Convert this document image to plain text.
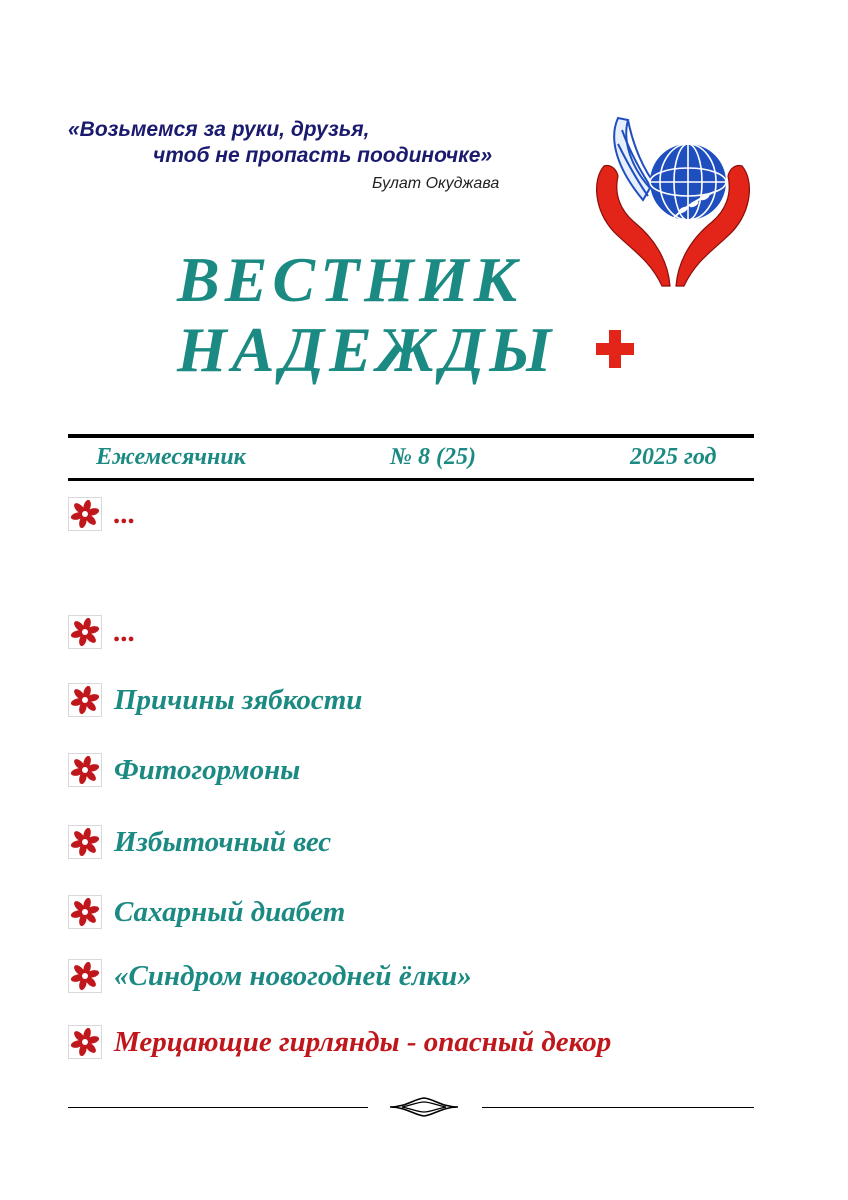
«Возьмемся за руки, друзья,
чтоб не пропасть поодиночке»
Булат Окуджава
ВЕСТНИК
НАДЕЖДЫ
Ежемесячник	№ 8 (25)	2025 год
...
...
Причины зябкости
Фитогормоны
Избыточный вес
Сахарный диабет
«Синдром новогодней ёлки»
Мерцающие гирлянды - опасный декор
